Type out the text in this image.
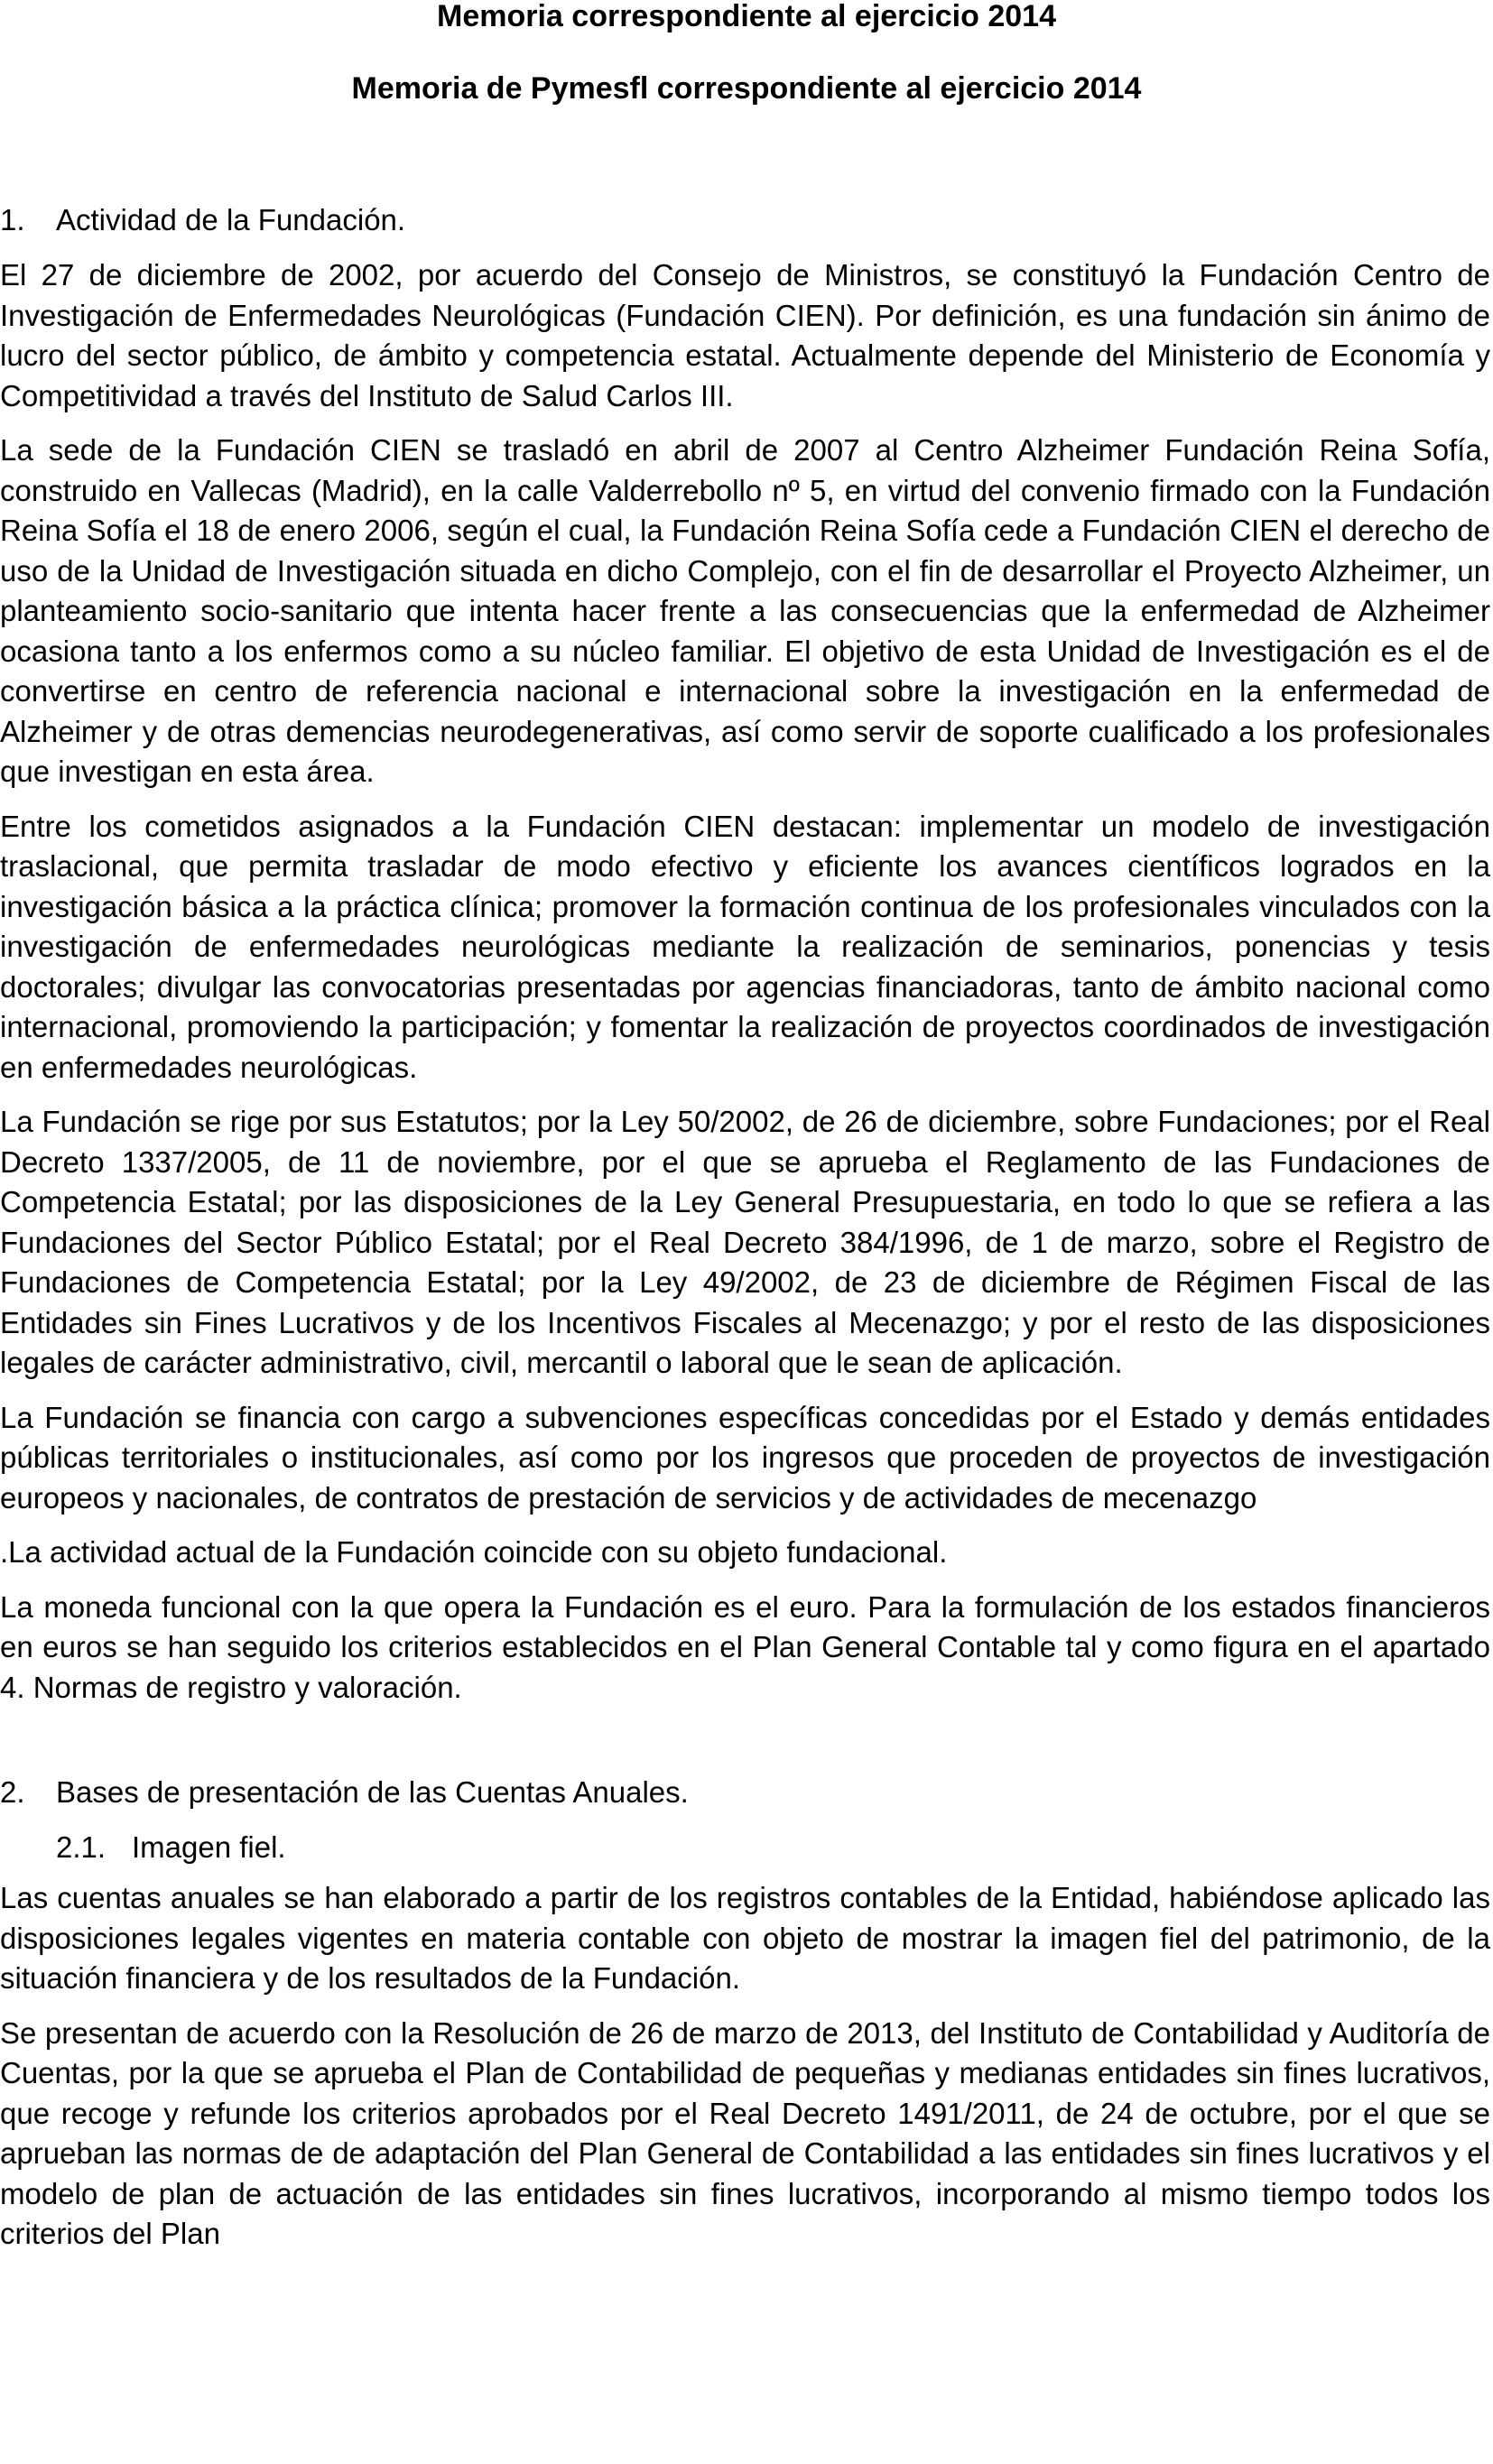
Memoria correspondiente al ejercicio 2014
Memoria de Pymesfl correspondiente al ejercicio 2014
1.	Actividad de la Fundación.

El 27 de diciembre de 2002, por acuerdo del Consejo de Ministros, se constituyó la Fundación Centro de Investigación de Enfermedades Neurológicas (Fundación CIEN). Por definición, es una fundación sin ánimo de lucro del sector público, de ámbito y competencia estatal. Actualmente depende del Ministerio de Economía y Competitividad a través del Instituto de Salud Carlos III.

La sede de la Fundación CIEN se trasladó en abril de 2007 al Centro Alzheimer Fundación Reina Sofía, construido en Vallecas (Madrid), en la calle Valderrebollo nº 5, en virtud del convenio firmado con la Fundación Reina Sofía el 18 de enero 2006, según el cual, la Fundación Reina Sofía cede a Fundación CIEN el derecho de uso de la Unidad de Investigación situada en dicho Complejo, con el fin de desarrollar el Proyecto Alzheimer, un planteamiento socio-sanitario que intenta hacer frente a las consecuencias que la enfermedad de Alzheimer ocasiona tanto a los enfermos como a su núcleo familiar. El objetivo de esta Unidad de Investigación es el de convertirse en centro de referencia nacional e internacional sobre la investigación en la enfermedad de Alzheimer y de otras demencias neurodegenerativas, así como servir de soporte cualificado a los profesionales que investigan en esta área.

Entre los cometidos asignados a la Fundación CIEN destacan: implementar un modelo de investigación traslacional, que permita trasladar de modo efectivo y eficiente los avances científicos logrados en la investigación básica a la práctica clínica; promover la formación continua de los profesionales vinculados con la investigación de enfermedades neurológicas mediante la realización de seminarios, ponencias y tesis doctorales; divulgar las convocatorias presentadas por agencias financiadoras, tanto de ámbito nacional como internacional, promoviendo la participación; y fomentar la realización de proyectos coordinados de investigación en enfermedades neurológicas.

La Fundación se rige por sus Estatutos; por la Ley 50/2002, de 26 de diciembre, sobre Fundaciones; por el Real Decreto 1337/2005, de 11 de noviembre, por el que se aprueba el Reglamento de las Fundaciones de Competencia Estatal; por las disposiciones de la Ley General Presupuestaria, en todo lo que se refiera a las Fundaciones del Sector Público Estatal; por el Real Decreto 384/1996, de 1 de marzo, sobre el Registro de Fundaciones de Competencia Estatal; por la Ley 49/2002, de 23 de diciembre de Régimen Fiscal de las Entidades sin Fines Lucrativos y de los Incentivos Fiscales al Mecenazgo; y por el resto de las disposiciones legales de carácter administrativo, civil, mercantil o laboral que le sean de aplicación.

La Fundación se financia con cargo a subvenciones específicas concedidas por el Estado y demás entidades públicas territoriales o institucionales, así como por los ingresos que proceden de proyectos de investigación europeos y nacionales, de contratos de prestación de servicios y de actividades de mecenazgo

.La actividad actual de la Fundación coincide con su objeto fundacional.

La moneda funcional con la que opera la Fundación es el euro. Para la formulación de los estados financieros en euros se han seguido los criterios establecidos en el Plan General Contable tal y como figura en el apartado 4. Normas de registro y valoración.

2.	Bases de presentación de las Cuentas Anuales.
2.1. Imagen fiel.

Las cuentas anuales se han elaborado a partir de los registros contables de la Entidad, habiéndose aplicado las disposiciones legales vigentes en materia contable con objeto de mostrar la imagen fiel del patrimonio, de la situación financiera y de los resultados de la Fundación.

Se presentan de acuerdo con la Resolución de 26 de marzo de 2013, del Instituto de Contabilidad y Auditoría de Cuentas, por la que se aprueba el Plan de Contabilidad de pequeñas y medianas entidades sin fines lucrativos, que recoge y refunde los criterios aprobados por el Real Decreto 1491/2011, de 24 de octubre, por el que se aprueban las normas de de adaptación del Plan General de Contabilidad a las entidades sin fines lucrativos y el modelo de plan de actuación de las entidades sin fines lucrativos, incorporando al mismo tiempo todos los criterios del Plan
